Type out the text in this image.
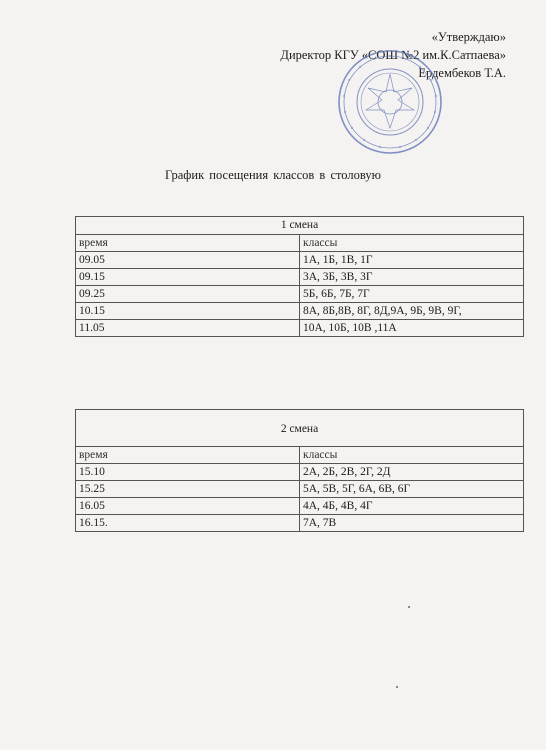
«Утверждаю»
Директор КГУ «СОШ №2 им.К.Сатпаева»
Ердембеков Т.А.
График посещения классов в столовую
1 смена	
время	классы
09.05	1А, 1Б, 1В, 1Г
09.15	3А, 3Б, 3В, 3Г
09.25	5Б, 6Б, 7Б, 7Г
10.15	8А, 8Б,8В, 8Г, 8Д,9А, 9Б, 9В, 9Г,
11.05	10А, 10Б, 10В ,11А
2 смена	
время	классы
15.10	2А, 2Б, 2В, 2Г, 2Д
15.25	5А, 5В, 5Г, 6А, 6В, 6Г
16.05	4А, 4Б, 4В, 4Г
16.15.	7А, 7В
